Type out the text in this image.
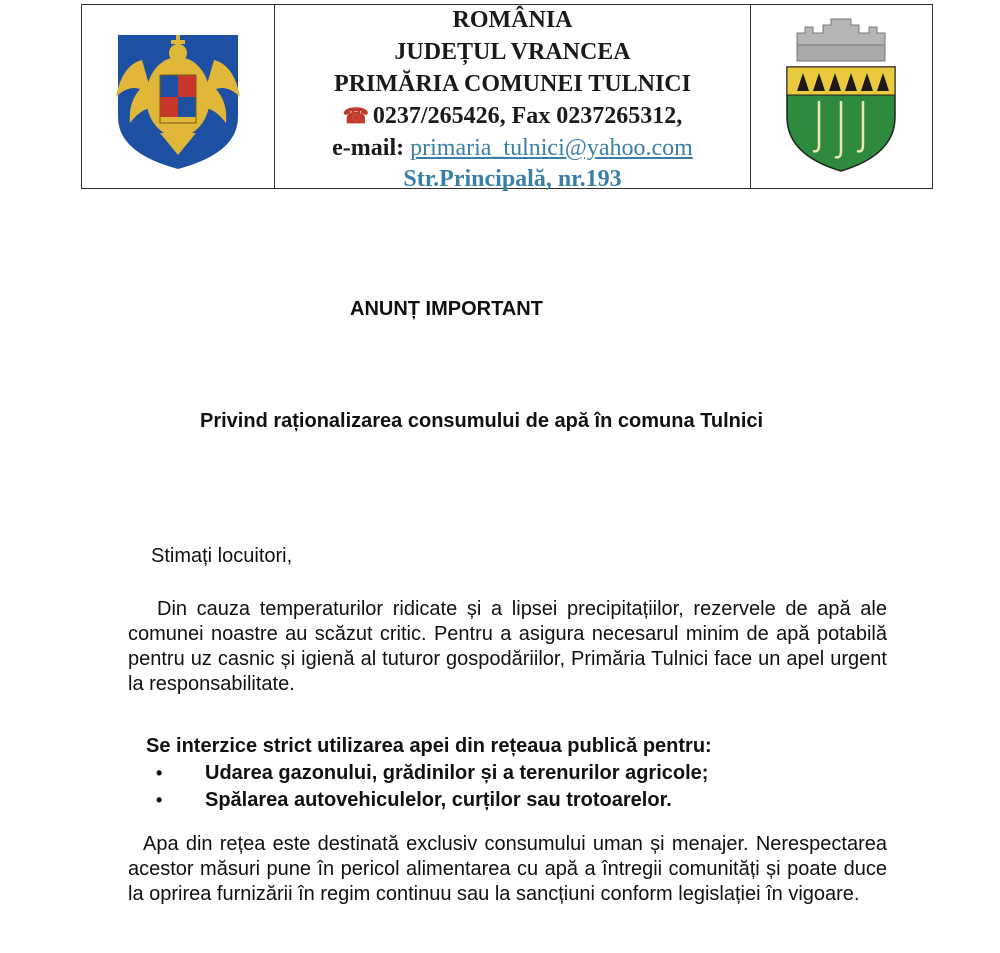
ROMÂNIA
JUDEȚUL VRANCEA
PRIMĂRIA COMUNEI TULNICI
☎ 0237/265426, Fax 0237265312,
e-mail: primaria_tulnici@yahoo.com
Str.Principală, nr.193
ANUNȚ IMPORTANT
Privind raționalizarea consumului de apă în comuna Tulnici
Stimați locuitori,
Din cauza temperaturilor ridicate și a lipsei precipitațiilor, rezervele de apă ale comunei noastre au scăzut critic. Pentru a asigura necesarul minim de apă potabilă pentru uz casnic și igienă al tuturor gospodăriilor, Primăria Tulnici face un apel urgent la responsabilitate.
Se interzice strict utilizarea apei din rețeaua publică pentru:
• Udarea gazonului, grădinilor și a terenurilor agricole;
• Spălarea autovehiculelor, curților sau trotoarelor.
Apa din rețea este destinată exclusiv consumului uman și menajer. Nerespectarea acestor măsuri pune în pericol alimentarea cu apă a întregii comunități și poate duce la oprirea furnizării în regim continuu sau la sancțiuni conform legislației în vigoare.
